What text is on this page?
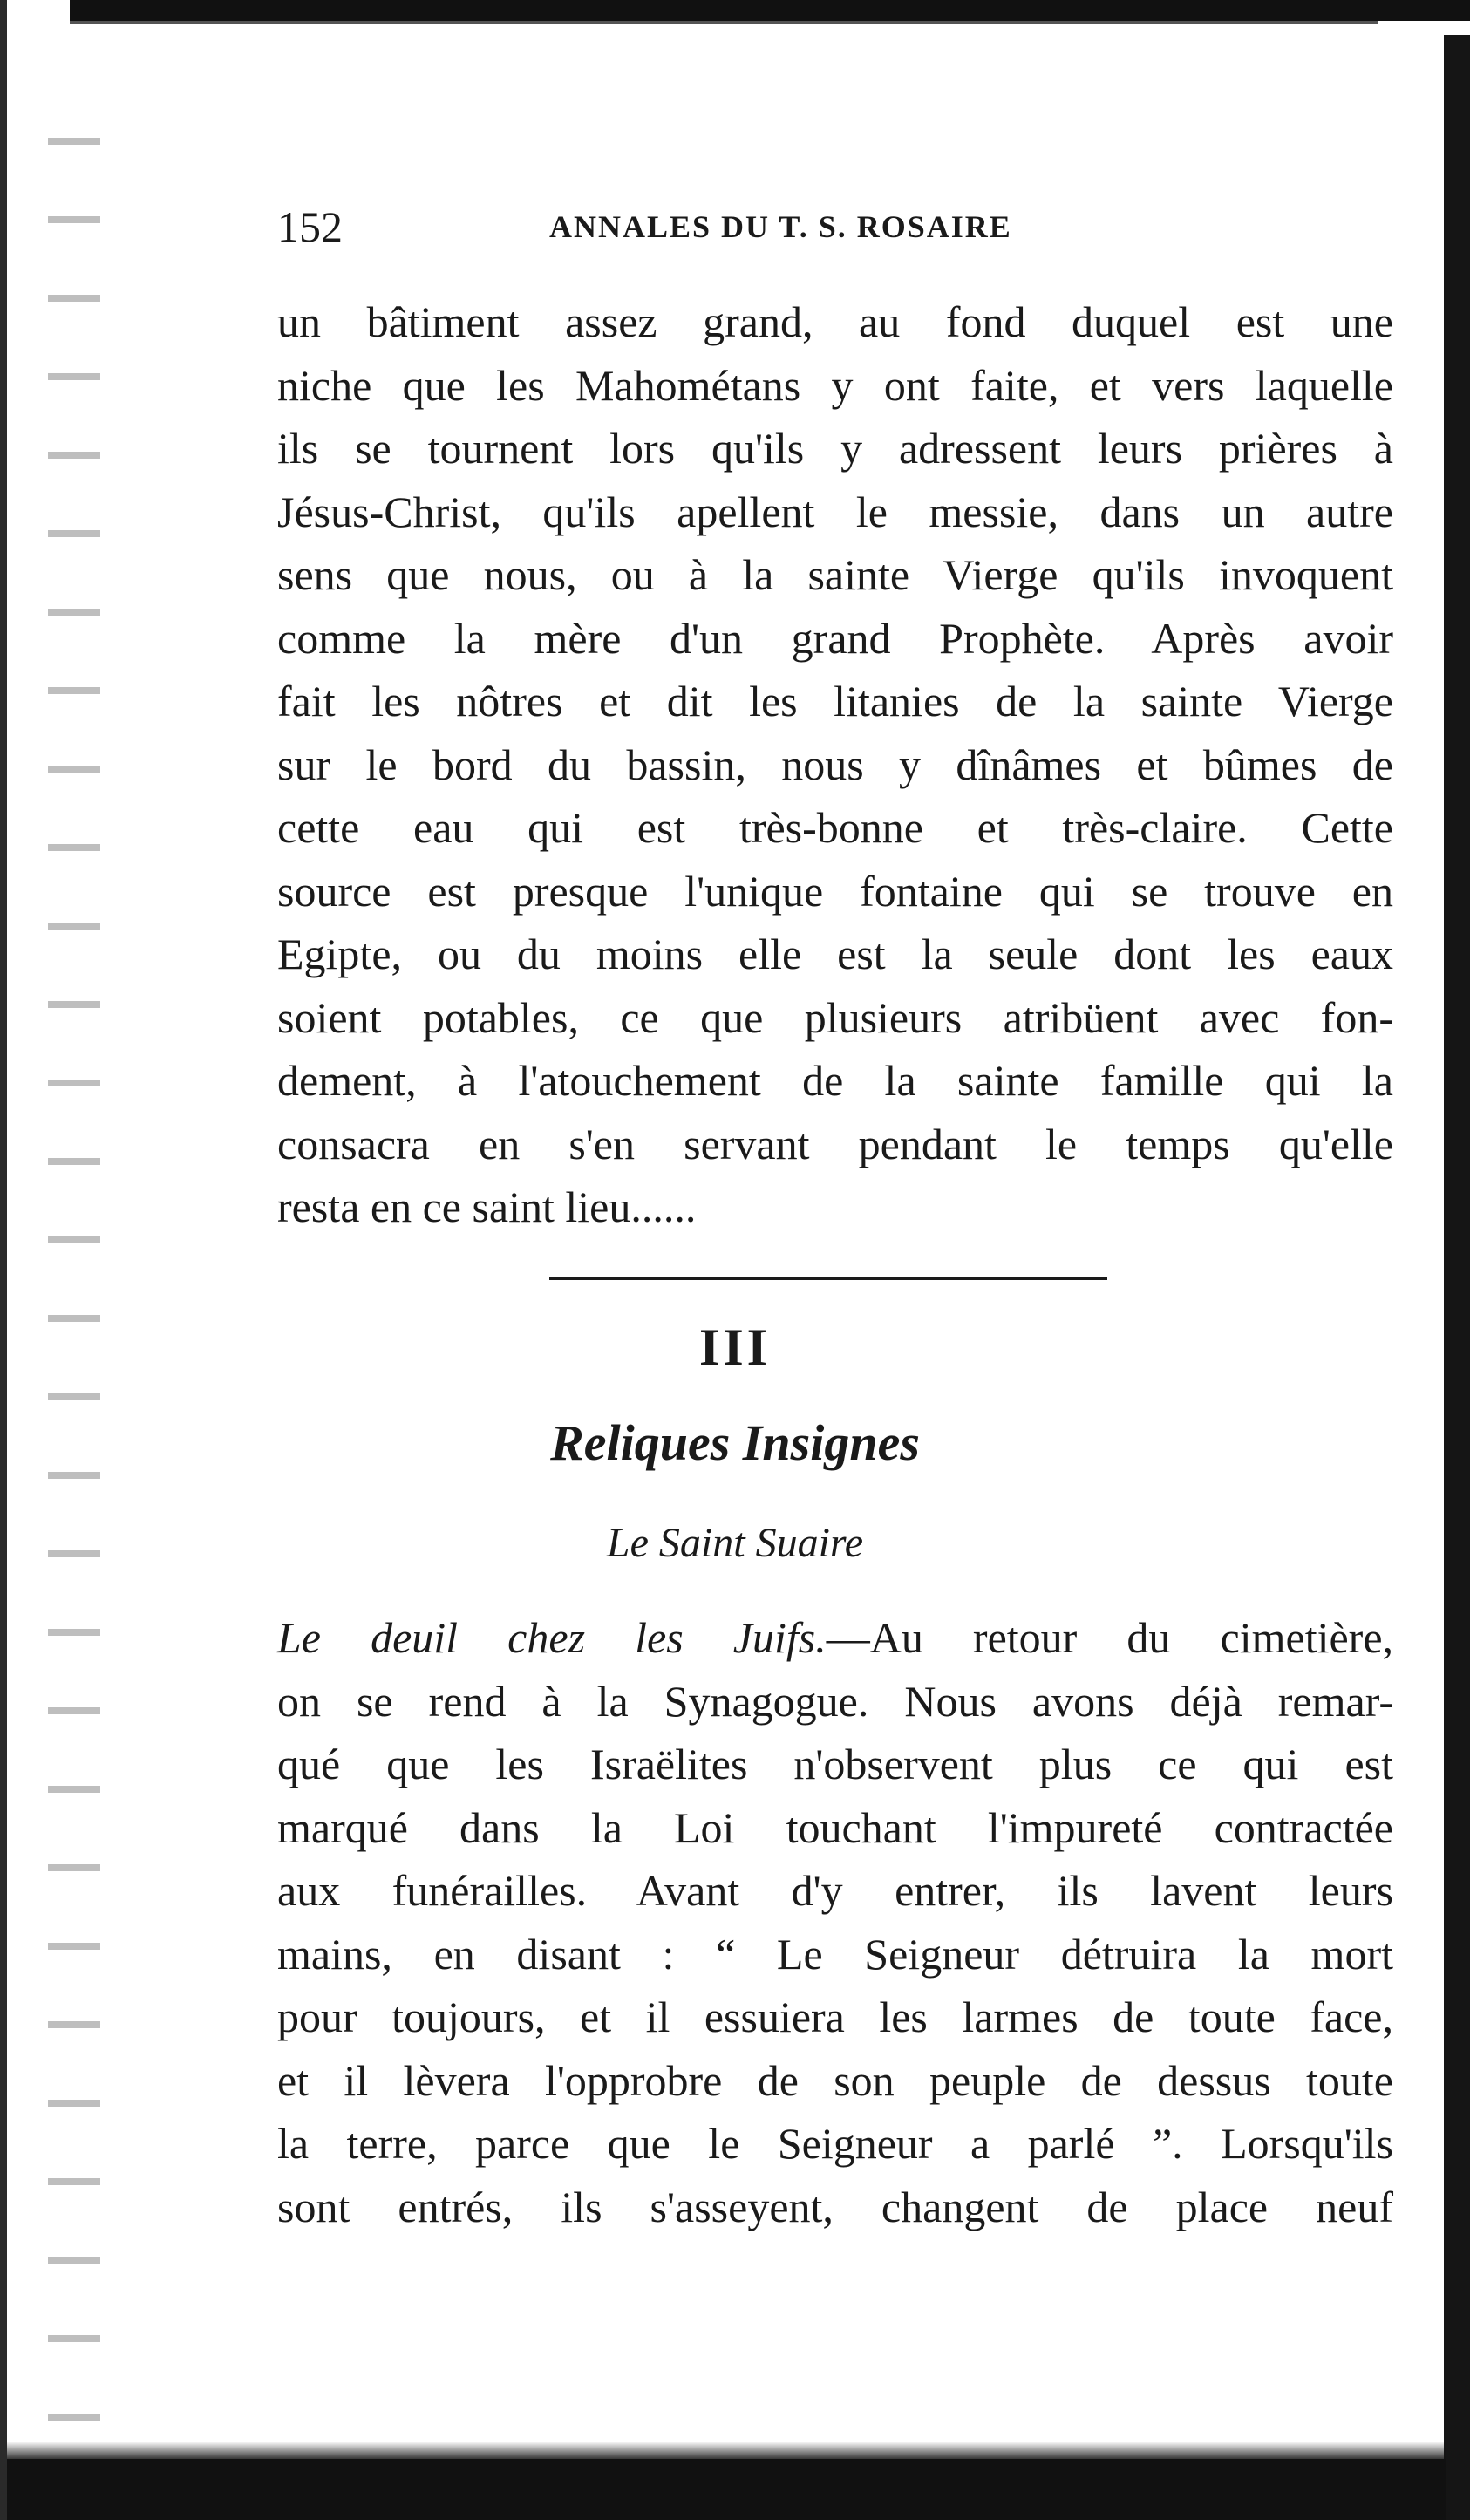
152	ANNALES DU T. S. ROSAIRE
un bâtiment assez grand, au fond duquel est une
niche que les Mahométans y ont faite, et vers laquelle
ils se tournent lors qu'ils y adressent leurs prières à
Jésus-Christ, qu'ils apellent le messie, dans un autre
sens que nous, ou à la sainte Vierge qu'ils invoquent
comme la mère d'un grand Prophète. Après avoir
fait les nôtres et dit les litanies de la sainte Vierge
sur le bord du bassin, nous y dînâmes et bûmes de
cette eau qui est très-bonne et très-claire. Cette
source est presque l'unique fontaine qui se trouve en
Egipte, ou du moins elle est la seule dont les eaux
soient potables, ce que plusieurs atribüent avec fon-
dement, à l'atouchement de la sainte famille qui la
consacra en s'en servant pendant le temps qu'elle
resta en ce saint lieu......
III
Reliques Insignes
Le Saint Suaire
Le deuil chez les Juifs.—Au retour du cimetière,
on se rend à la Synagogue. Nous avons déjà remar-
qué que les Israëlites n'observent plus ce qui est
marqué dans la Loi touchant l'impureté contractée
aux funérailles. Avant d'y entrer, ils lavent leurs
mains, en disant : “ Le Seigneur détruira la mort
pour toujours, et il essuiera les larmes de toute face,
et il lèvera l'opprobre de son peuple de dessus toute
la terre, parce que le Seigneur a parlé ”. Lorsqu'ils
sont entrés, ils s'asseyent, changent de place neuf
